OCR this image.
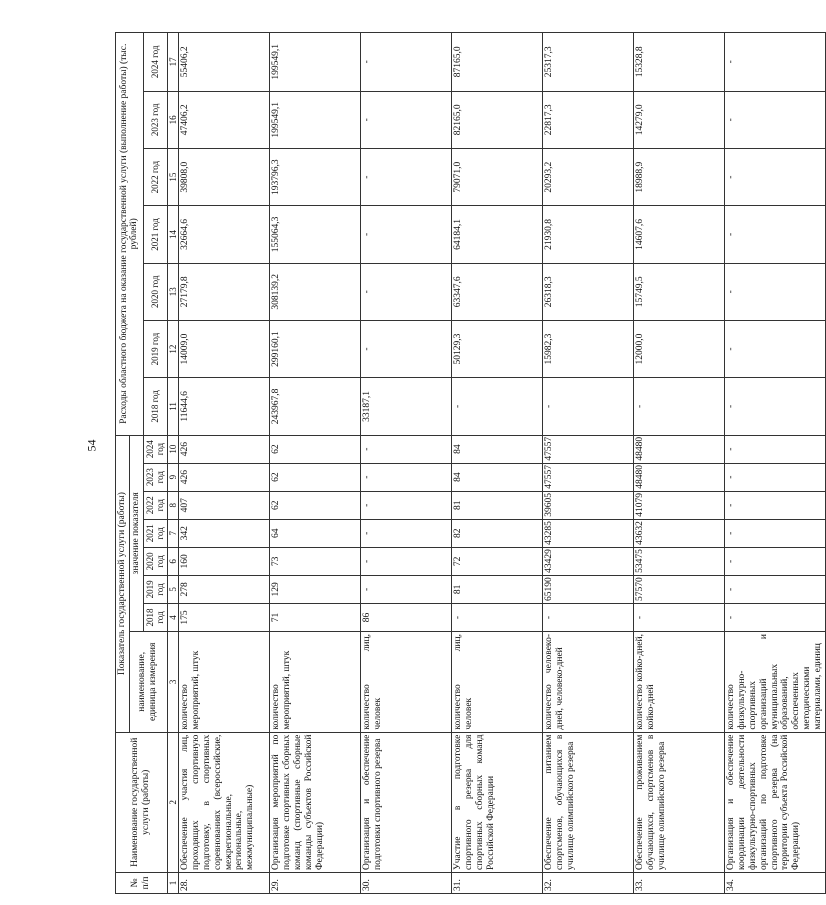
54
№ п/п	Наименование государственной услуги (работы)	Показатель государственной услуги (работы)								Расходы областного бюджета на оказание государственной услуги (выполнение работы) (тыс. рублей)						
		наименование, единица измерения	значение показателя													
			2018 год	2019 год	2020 год	2021 год	2022 год	2023 год	2024 год	2018 год	2019 год	2020 год	2021 год	2022 год	2023 год	2024 год
1	2	3	4	5	6	7	8	9	10	11	12	13	14	15	16	17
28.	Обеспечение участия лиц, проходящих спортивную подготовку, в спортивных соревнованиях (всероссийские, межрегиональные, региональные, межмуниципальные)	количество мероприятий, штук	175	278	160	342	407	426	426	11644,6	14009,0	27179,8	32664,6	39808,0	47406,2	55406,2
29.	Организация мероприятий по подготовке спортивных сборных команд (спортивные сборные команды субъектов Российской Федерации)	количество мероприятий, штук	71	129	73	64	62	62	62	243967,8	299160,1	308139,2	155064,3	193796,3	199549,1	199549,1
30.	Организация и обеспечение подготовки спортивного резерва	количество лиц, человек	86	-	-	-	-	-	-	33187,1	-	-	-	-	-	-
31.	Участие в подготовке спортивного резерва для спортивных сборных команд Российской Федерации	количество лиц, человек	-	81	72	82	81	84	84	-	50129,3	63347,6	64184,1	79071,0	82165,0	87165,0
32.	Обеспечение питанием спортсменов, обучающихся в училище олимпийского резерва	количество человеко-дней, человеко-дней	-	65190	43429	43285	39605	47557	47557	-	15982,3	26318,3	21930,8	20293,2	22817,3	25317,3
33.	Обеспечение проживанием обучающихся, спортсменов в училище олимпийского резерва	количество койко-дней, койко-дней	-	57570	53475	43632	41079	48480	48480	-	12000,0	15749,5	14607,6	18988,9	14279,0	15328,8
34.	Организация и обеспечение координации деятельности физкультурно-спортивных организаций по подготовке спортивного резерва (на территории субъекта Российской Федерации)	количество физкультурно-спортивных организаций и муниципальных образований, обеспеченных методическими материалами, единиц	-	-	-	-	-	-	-	-	-	-	-	-	-	-
